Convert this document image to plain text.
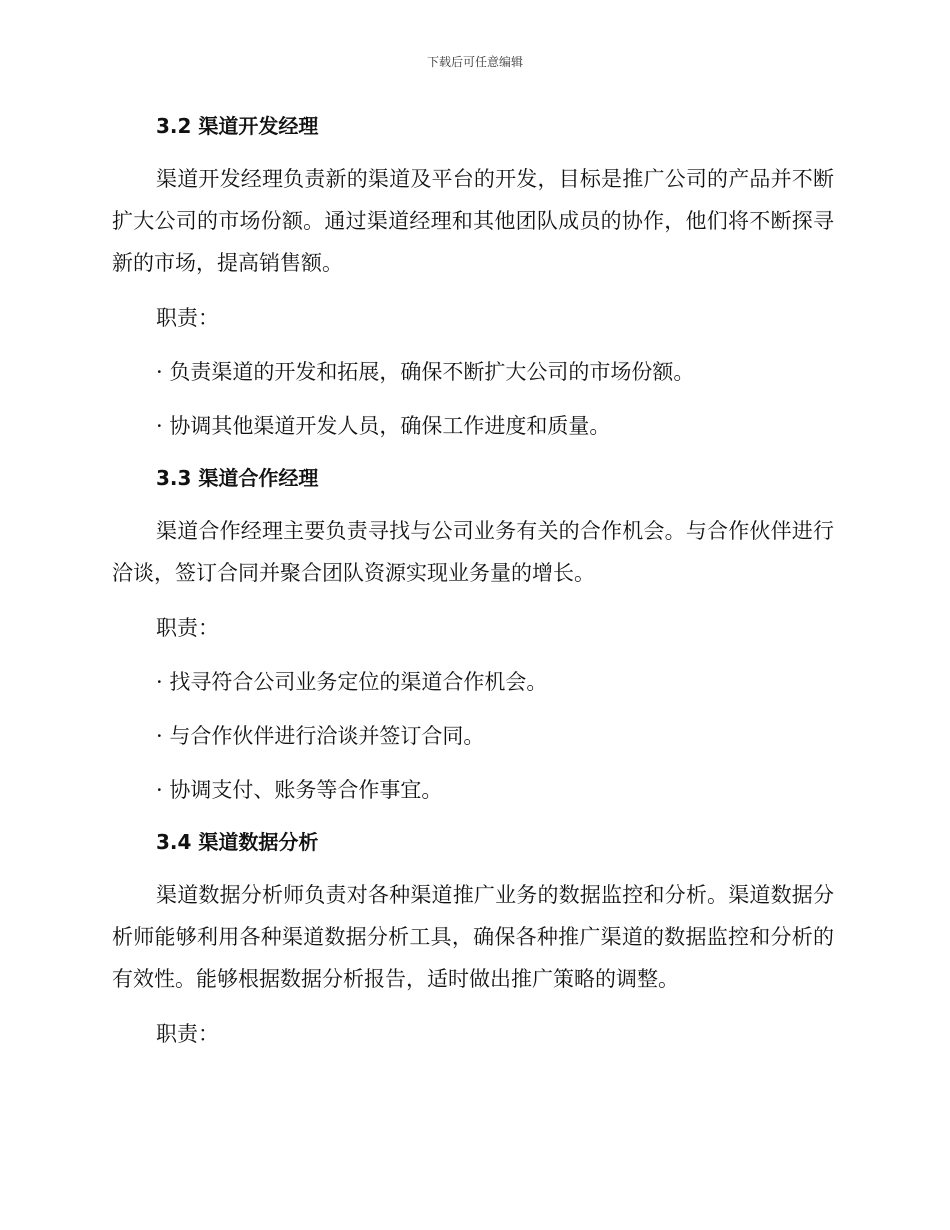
下载后可任意编辑
3.2 渠道开发经理

渠道开发经理负责新的渠道及平台的开发，目标是推广公司的产品并不断扩大公司的市场份额。通过渠道经理和其他团队成员的协作，他们将不断探寻新的市场，提高销售额。

职责：
· 负责渠道的开发和拓展，确保不断扩大公司的市场份额。
· 协调其他渠道开发人员，确保工作进度和质量。
3.3 渠道合作经理

渠道合作经理主要负责寻找与公司业务有关的合作机会。与合作伙伴进行洽谈，签订合同并聚合团队资源实现业务量的增长。

职责：
· 找寻符合公司业务定位的渠道合作机会。
· 与合作伙伴进行洽谈并签订合同。
· 协调支付、账务等合作事宜。
3.4 渠道数据分析

渠道数据分析师负责对各种渠道推广业务的数据监控和分析。渠道数据分析师能够利用各种渠道数据分析工具，确保各种推广渠道的数据监控和分析的有效性。能够根据数据分析报告，适时做出推广策略的调整。

职责：
